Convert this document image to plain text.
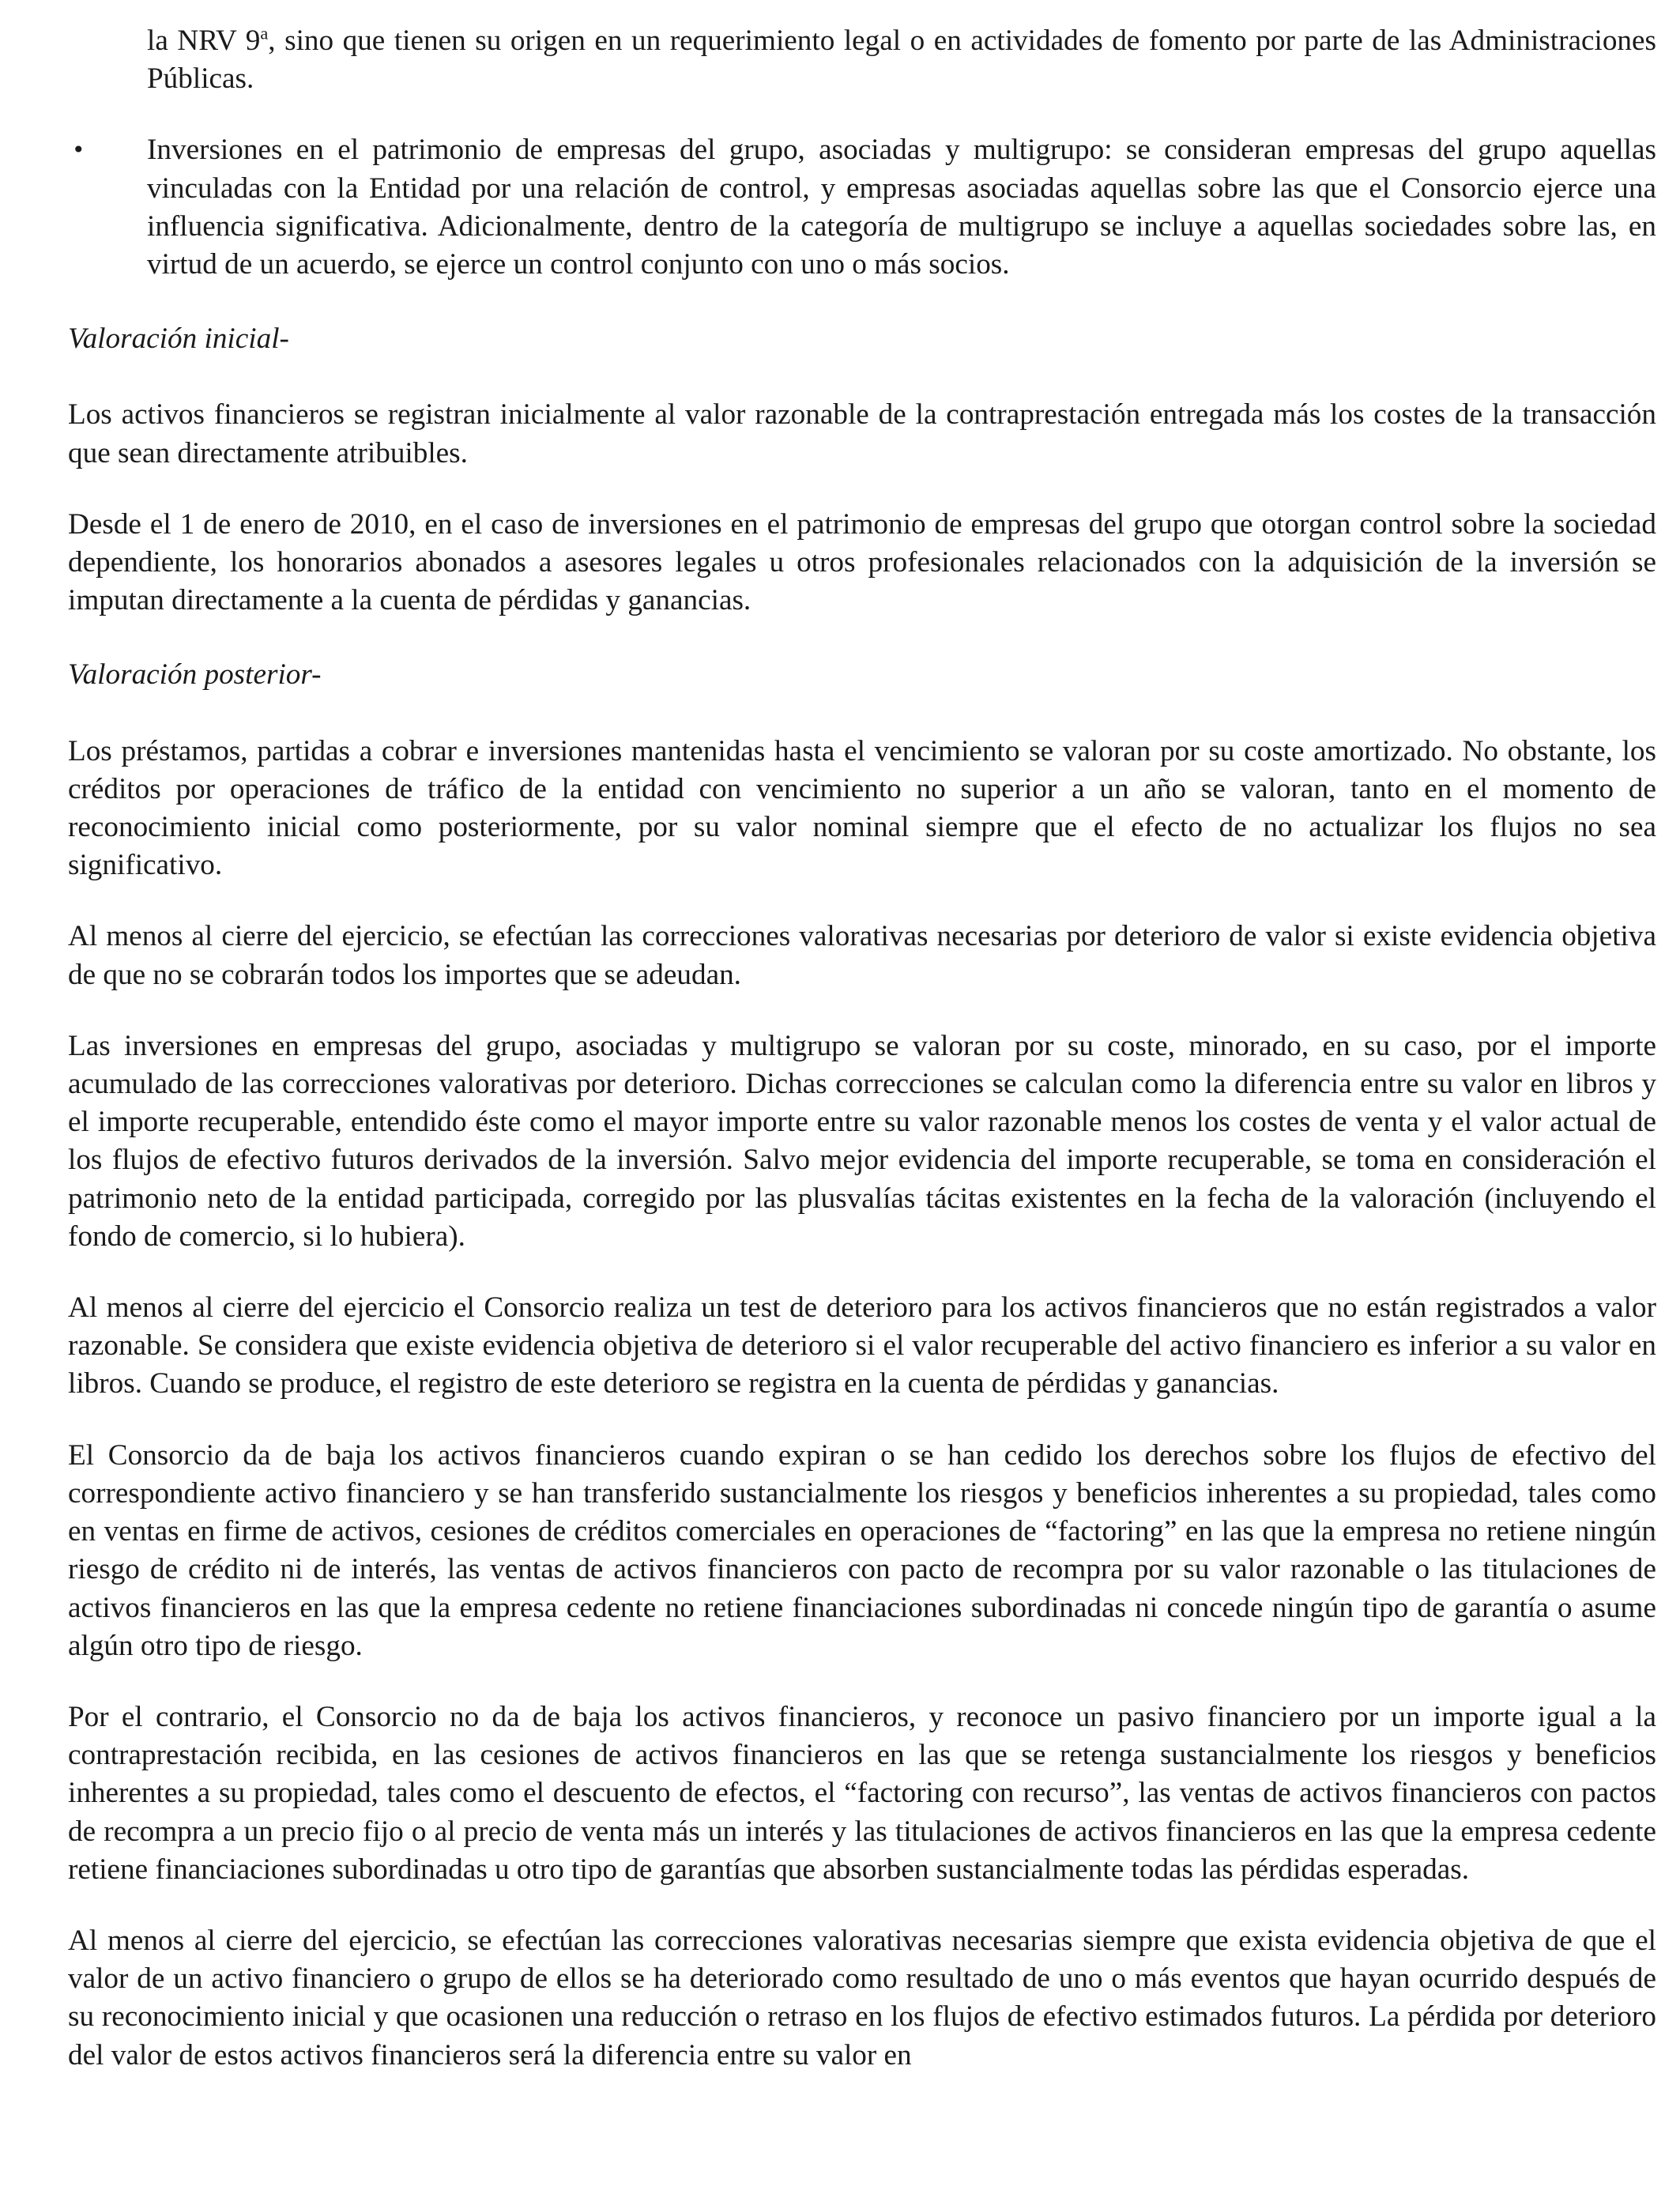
la NRV 9$^a$, sino que tienen su origen en un requerimiento legal o en actividades de fomento por parte de las Administraciones Públicas.

• Inversiones en el patrimonio de empresas del grupo, asociadas y multigrupo: se consideran empresas del grupo aquellas vinculadas con la Entidad por una relación de control, y empresas asociadas aquellas sobre las que el Consorcio ejerce una influencia significativa. Adicionalmente, dentro de la categoría de multigrupo se incluye a aquellas sociedades sobre las, en virtud de un acuerdo, se ejerce un control conjunto con uno o más socios.

Valoración inicial-

Los activos financieros se registran inicialmente al valor razonable de la contraprestación entregada más los costes de la transacción que sean directamente atribuibles.

Desde el 1 de enero de 2010, en el caso de inversiones en el patrimonio de empresas del grupo que otorgan control sobre la sociedad dependiente, los honorarios abonados a asesores legales u otros profesionales relacionados con la adquisición de la inversión se imputan directamente a la cuenta de pérdidas y ganancias.

Valoración posterior-

Los préstamos, partidas a cobrar e inversiones mantenidas hasta el vencimiento se valoran por su coste amortizado. No obstante, los créditos por operaciones de tráfico de la entidad con vencimiento no superior a un año se valoran, tanto en el momento de reconocimiento inicial como posteriormente, por su valor nominal siempre que el efecto de no actualizar los flujos no sea significativo.

Al menos al cierre del ejercicio, se efectúan las correcciones valorativas necesarias por deterioro de valor si existe evidencia objetiva de que no se cobrarán todos los importes que se adeudan.

Las inversiones en empresas del grupo, asociadas y multigrupo se valoran por su coste, minorado, en su caso, por el importe acumulado de las correcciones valorativas por deterioro. Dichas correcciones se calculan como la diferencia entre su valor en libros y el importe recuperable, entendido éste como el mayor importe entre su valor razonable menos los costes de venta y el valor actual de los flujos de efectivo futuros derivados de la inversión. Salvo mejor evidencia del importe recuperable, se toma en consideración el patrimonio neto de la entidad participada, corregido por las plusvalías tácitas existentes en la fecha de la valoración (incluyendo el fondo de comercio, si lo hubiera).

Al menos al cierre del ejercicio el Consorcio realiza un test de deterioro para los activos financieros que no están registrados a valor razonable. Se considera que existe evidencia objetiva de deterioro si el valor recuperable del activo financiero es inferior a su valor en libros. Cuando se produce, el registro de este deterioro se registra en la cuenta de pérdidas y ganancias.

El Consorcio da de baja los activos financieros cuando expiran o se han cedido los derechos sobre los flujos de efectivo del correspondiente activo financiero y se han transferido sustancialmente los riesgos y beneficios inherentes a su propiedad, tales como en ventas en firme de activos, cesiones de créditos comerciales en operaciones de “factoring” en las que la empresa no retiene ningún riesgo de crédito ni de interés, las ventas de activos financieros con pacto de recompra por su valor razonable o las titulaciones de activos financieros en las que la empresa cedente no retiene financiaciones subordinadas ni concede ningún tipo de garantía o asume algún otro tipo de riesgo.

Por el contrario, el Consorcio no da de baja los activos financieros, y reconoce un pasivo financiero por un importe igual a la contraprestación recibida, en las cesiones de activos financieros en las que se retenga sustancialmente los riesgos y beneficios inherentes a su propiedad, tales como el descuento de efectos, el “factoring con recurso”, las ventas de activos financieros con pactos de recompra a un precio fijo o al precio de venta más un interés y las titulaciones de activos financieros en las que la empresa cedente retiene financiaciones subordinadas u otro tipo de garantías que absorben sustancialmente todas las pérdidas esperadas.

Al menos al cierre del ejercicio, se efectúan las correcciones valorativas necesarias siempre que exista evidencia objetiva de que el valor de un activo financiero o grupo de ellos se ha deteriorado como resultado de uno o más eventos que hayan ocurrido después de su reconocimiento inicial y que ocasionen una reducción o retraso en los flujos de efectivo estimados futuros. La pérdida por deterioro del valor de estos activos financieros será la diferencia entre su valor en
